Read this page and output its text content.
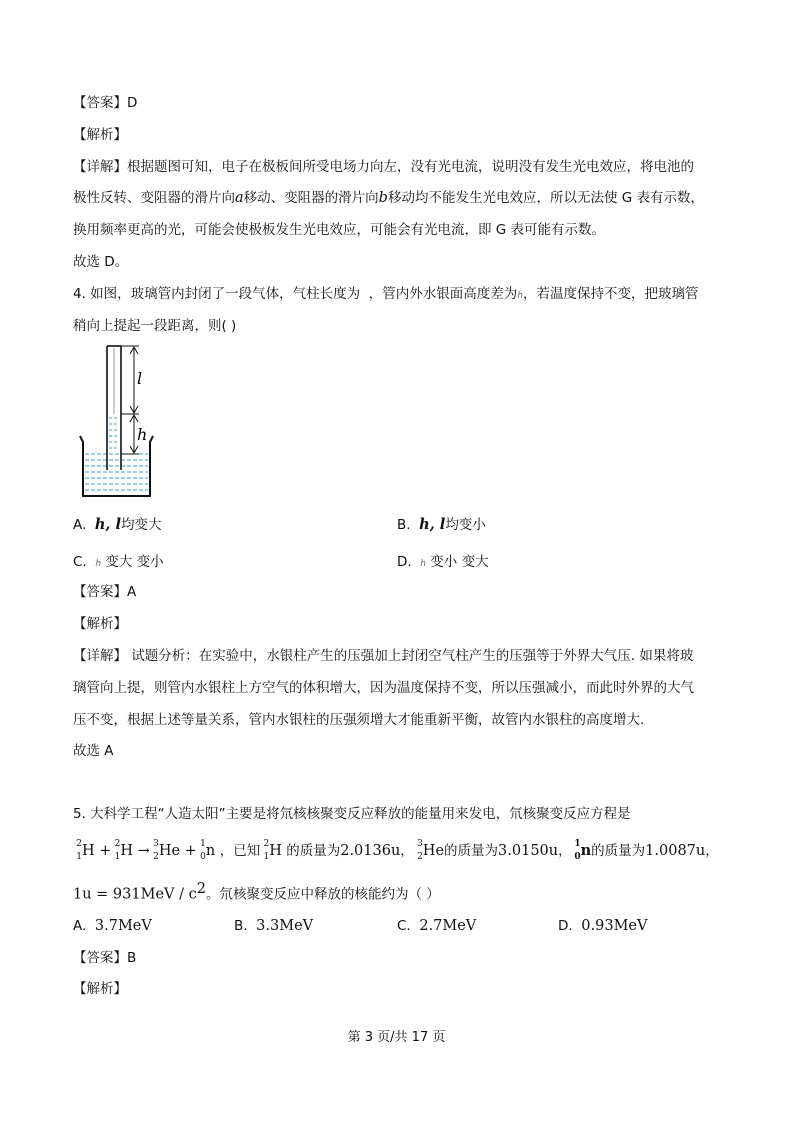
【答案】D
【解析】
【详解】根据题图可知，电子在极板间所受电场力向左，没有光电流，说明没有发生光电效应，将电池的
极性反转、变阻器的滑片向a移动、变阻器的滑片向b移动均不能发生光电效应，所以无法使 G 表有示数，
换用频率更高的光，可能会使极板发生光电效应，可能会有光电流，即 G 表可能有示数。
故选 D。
4. 如图，玻璃管内封闭了一段气体，气柱长度为 ，管内外水银面高度差为h，若温度保持不变，把玻璃管
稍向上提起一段距离，则( )
l
h
A. h, l均变大	B. h, l均变小
C. h 变大 变小	D. h 变小 变大
【答案】A
【解析】
【详解】 试题分析：在实验中，水银柱产生的压强加上封闭空气柱产生的压强等于外界大气压. 如果将玻
璃管向上提，则管内水银柱上方空气的体积增大，因为温度保持不变，所以压强减小，而此时外界的大气
压不变，根据上述等量关系，管内水银柱的压强须增大才能重新平衡，故管内水银柱的高度增大.
故选 A
5. 大科学工程“人造太阳”主要是将氘核核聚变反应释放的能量用来发电，氘核聚变反应方程是
2
1 H + 2
1 H → 3
2 He + 1
0 n ，已知 2
1 H 的质量为2.0136u， 3
2 He的质量为3.0150u， 1
0 n的质量为1.0087u，
$1u = 931MeV / c^2$。氘核聚变反应中释放的核能约为（ ）
A. 3.7MeV	B. 3.3MeV	C. 2.7MeV	D. 0.93MeV
【答案】B
【解析】
第 3 页/共 17 页
